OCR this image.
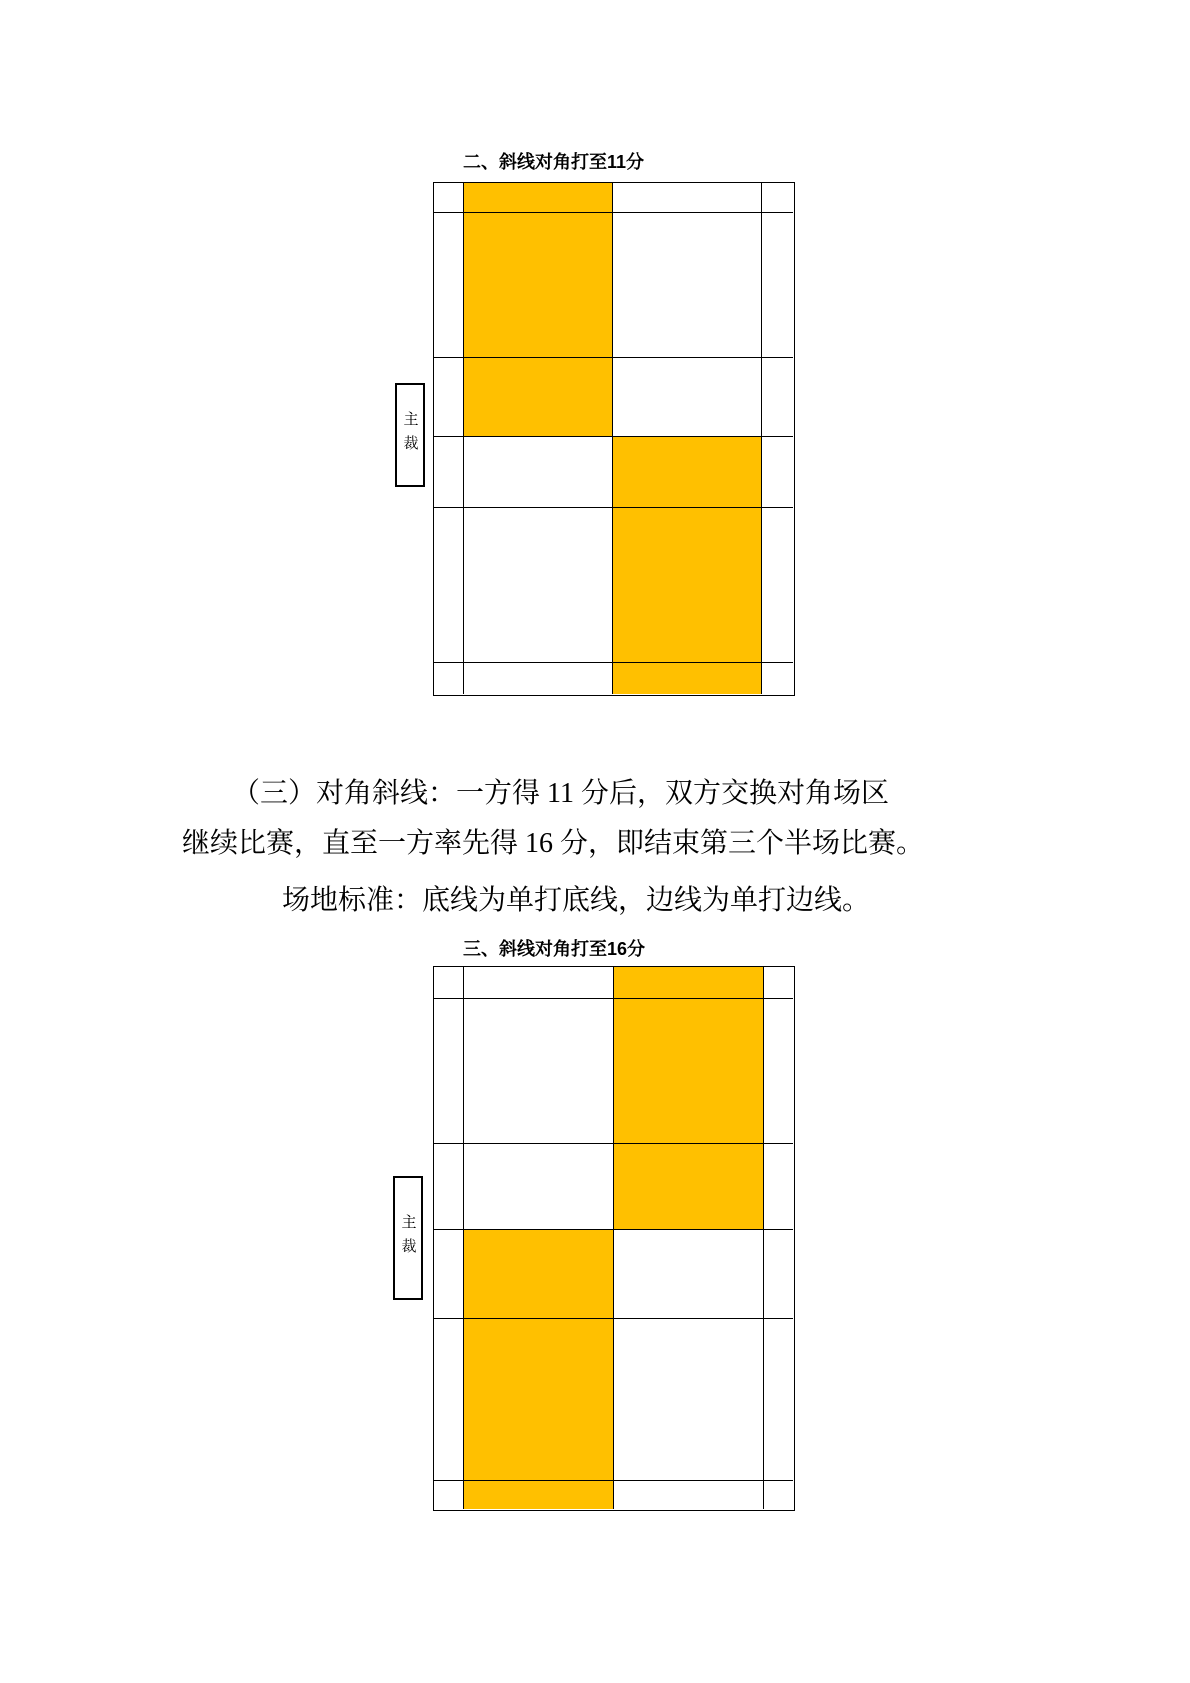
二、斜线对角打至11分
主裁
（三）对角斜线：一方得 11 分后，双方交换对角场区
继续比赛，直至一方率先得 16 分，即结束第三个半场比赛。
场地标准：底线为单打底线，边线为单打边线。
三、斜线对角打至16分
主裁
